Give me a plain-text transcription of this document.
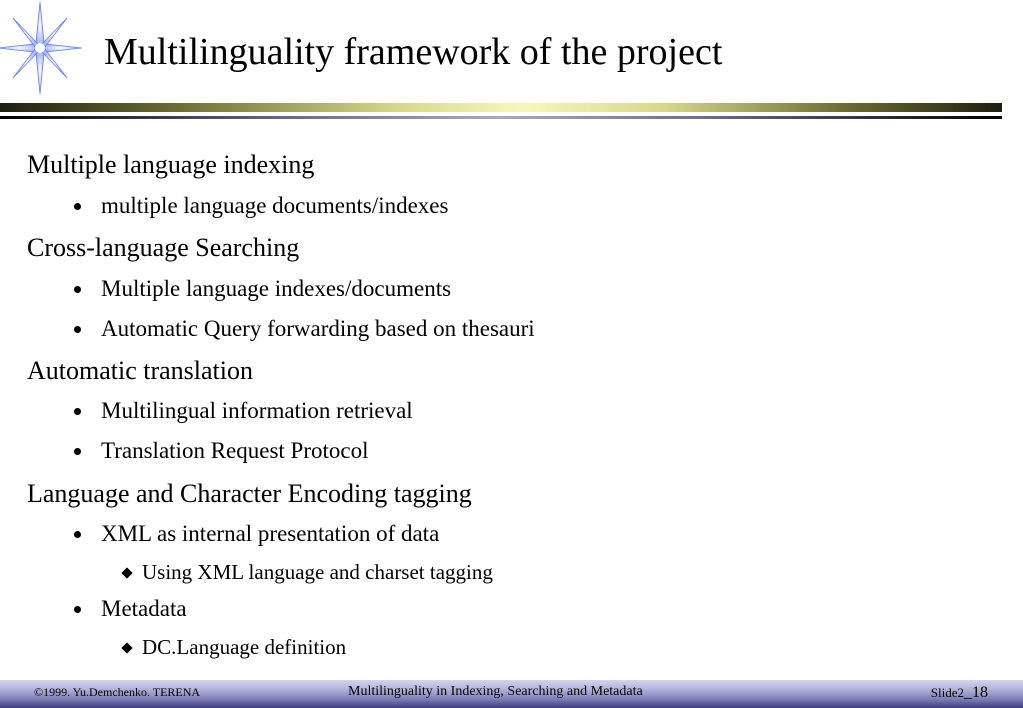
Multilinguality framework of the project
Multiple language indexing
multiple language documents/indexes
Cross-language Searching
Multiple language indexes/documents
Automatic Query forwarding based on thesauri
Automatic translation
Multilingual information retrieval
Translation Request Protocol
Language and Character Encoding tagging
XML as internal presentation of data
Using XML language and charset tagging
Metadata
DC.Language definition
©1999. Yu.Demchenko. TERENA	Multilinguality in Indexing, Searching and Metadata	Slide2_18
